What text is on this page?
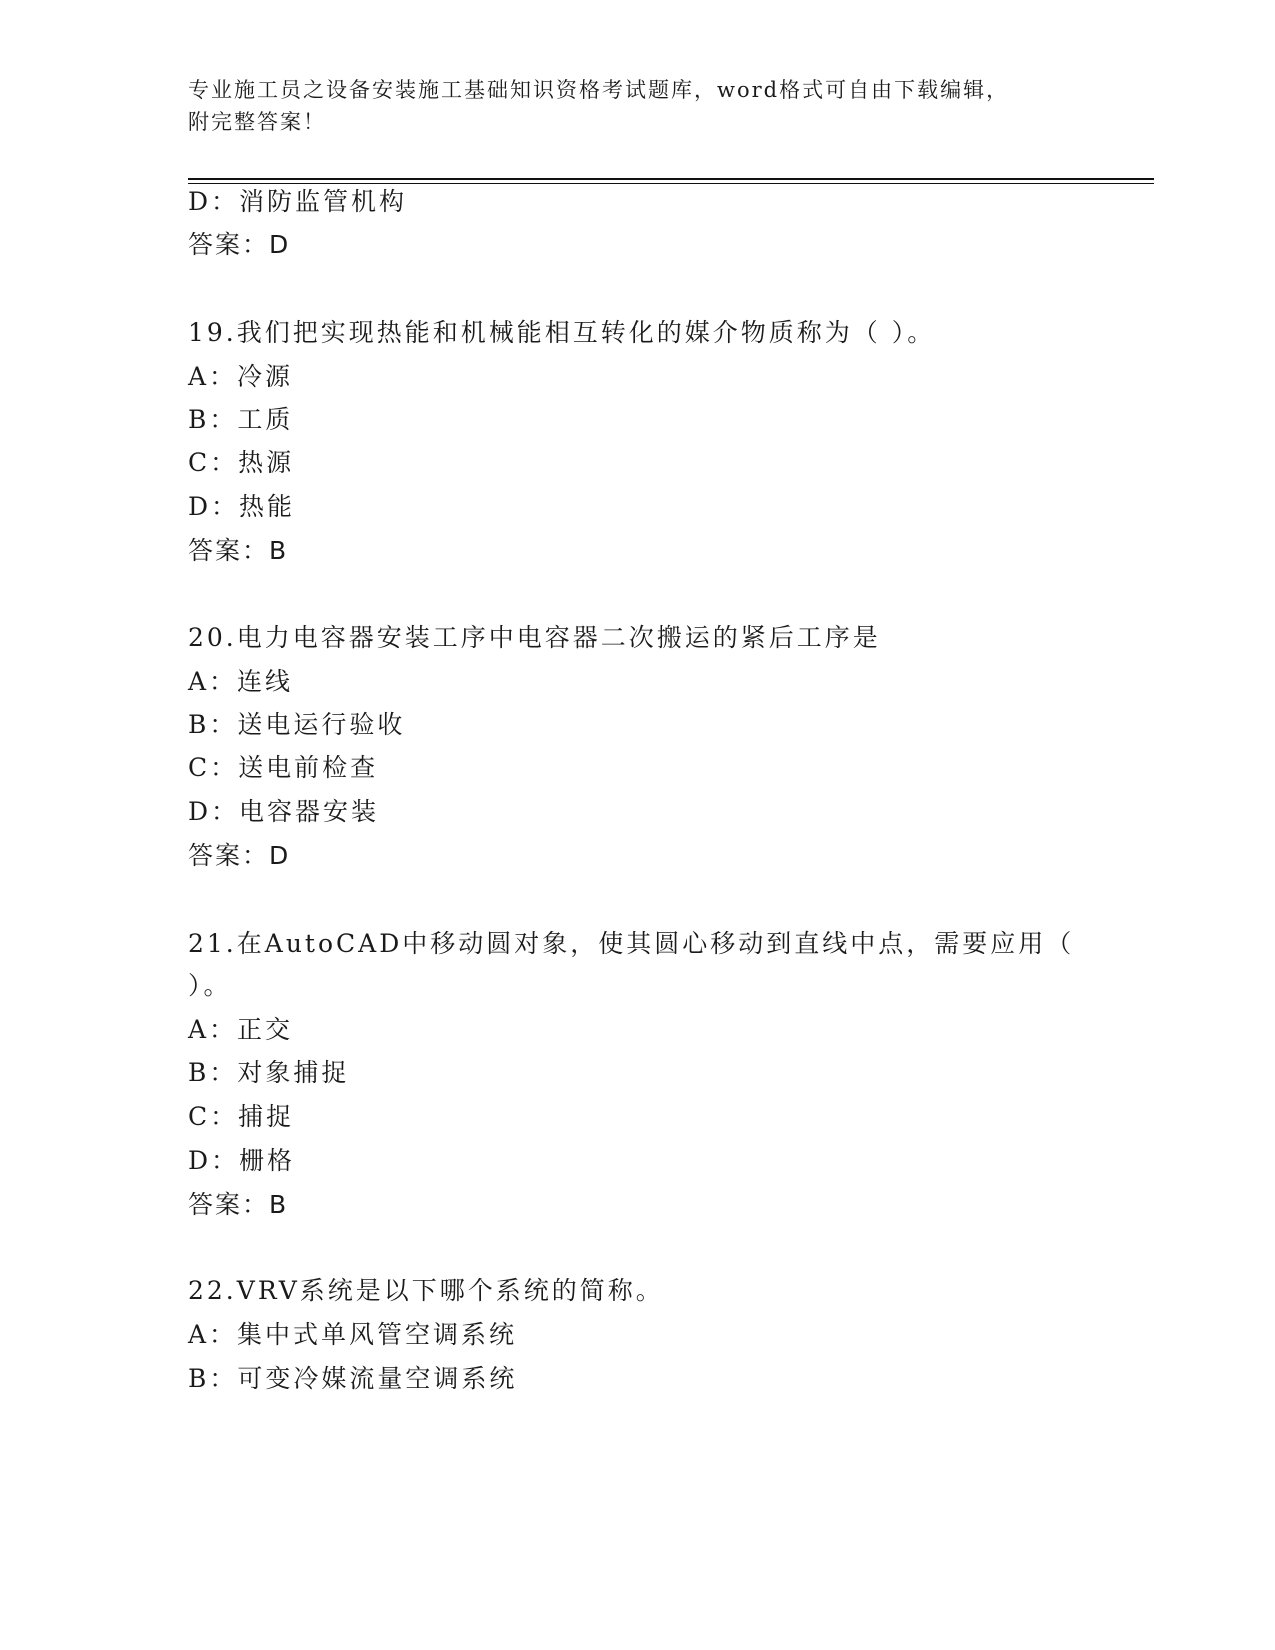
专业施工员之设备安装施工基础知识资格考试题库，word格式可自由下载编辑，
附完整答案！
D：消防监管机构
答案：D
19.我们把实现热能和机械能相互转化的媒介物质称为（ ）。
A：冷源
B：工质
C：热源
D：热能
答案：B
20.电力电容器安装工序中电容器二次搬运的紧后工序是
A：连线
B：送电运行验收
C：送电前检查
D：电容器安装
答案：D
21.在AutoCAD中移动圆对象，使其圆心移动到直线中点，需要应用（
）。
A：正交
B：对象捕捉
C：捕捉
D：栅格
答案：B
22.VRV系统是以下哪个系统的简称。
A：集中式单风管空调系统
B：可变冷媒流量空调系统
